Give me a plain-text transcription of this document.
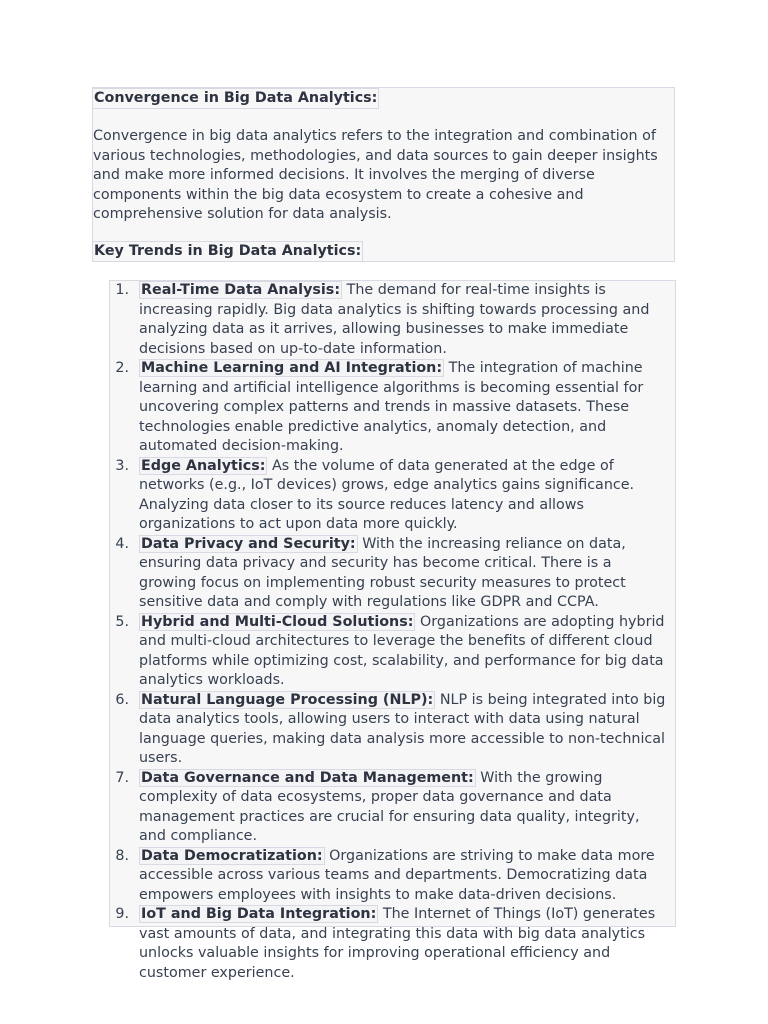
Convergence in Big Data Analytics:

Convergence in big data analytics refers to the integration and combination of various technologies, methodologies, and data sources to gain deeper insights and make more informed decisions. It involves the merging of diverse components within the big data ecosystem to create a cohesive and comprehensive solution for data analysis.

Key Trends in Big Data Analytics:
1. Real-Time Data Analysis: The demand for real-time insights is increasing rapidly. Big data analytics is shifting towards processing and analyzing data as it arrives, allowing businesses to make immediate decisions based on up-to-date information.
2. Machine Learning and AI Integration: The integration of machine learning and artificial intelligence algorithms is becoming essential for uncovering complex patterns and trends in massive datasets. These technologies enable predictive analytics, anomaly detection, and automated decision-making.
3. Edge Analytics: As the volume of data generated at the edge of networks (e.g., IoT devices) grows, edge analytics gains significance. Analyzing data closer to its source reduces latency and allows organizations to act upon data more quickly.
4. Data Privacy and Security: With the increasing reliance on data, ensuring data privacy and security has become critical. There is a growing focus on implementing robust security measures to protect sensitive data and comply with regulations like GDPR and CCPA.
5. Hybrid and Multi-Cloud Solutions: Organizations are adopting hybrid and multi-cloud architectures to leverage the benefits of different cloud platforms while optimizing cost, scalability, and performance for big data analytics workloads.
6. Natural Language Processing (NLP): NLP is being integrated into big data analytics tools, allowing users to interact with data using natural language queries, making data analysis more accessible to non-technical users.
7. Data Governance and Data Management: With the growing complexity of data ecosystems, proper data governance and data management practices are crucial for ensuring data quality, integrity, and compliance.
8. Data Democratization: Organizations are striving to make data more accessible across various teams and departments. Democratizing data empowers employees with insights to make data-driven decisions.
9. IoT and Big Data Integration: The Internet of Things (IoT) generates vast amounts of data, and integrating this data with big data analytics unlocks valuable insights for improving operational efficiency and customer experience.
